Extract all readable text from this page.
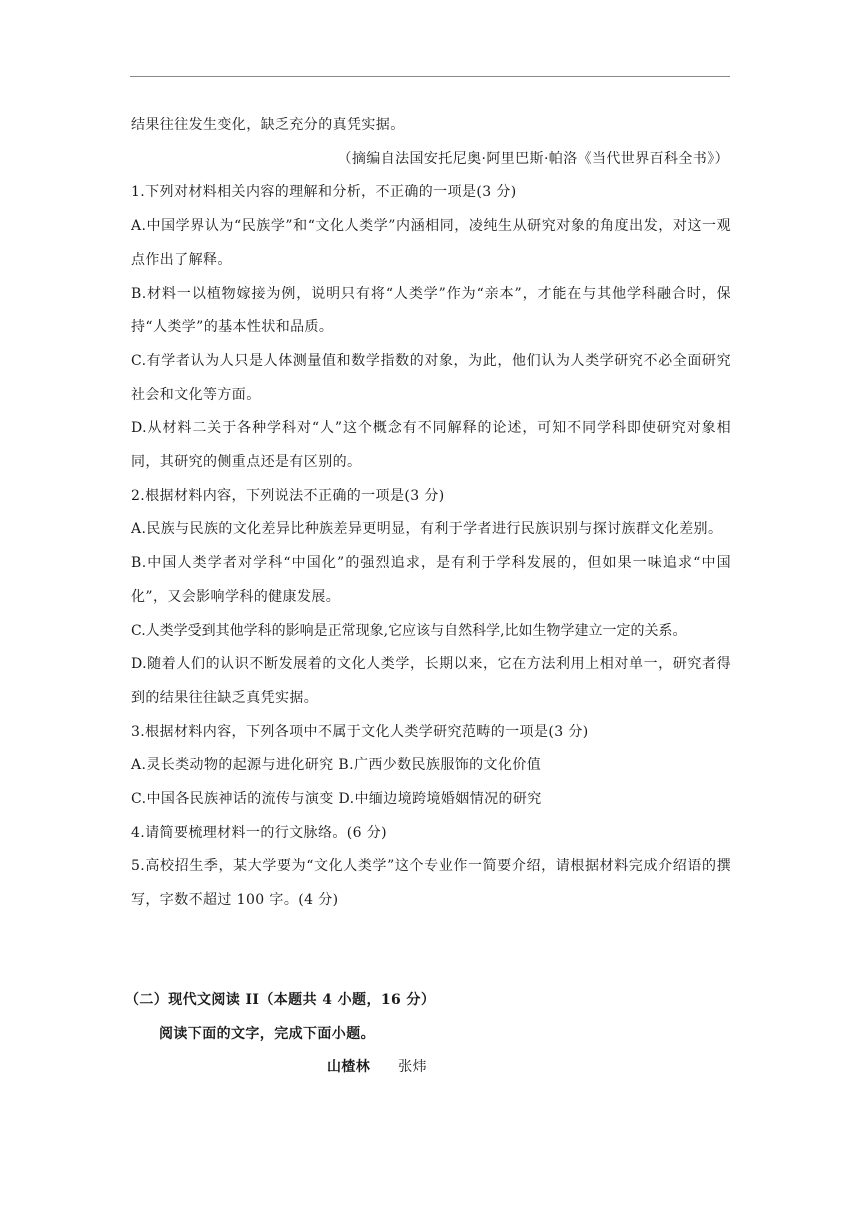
结果往往发生变化，缺乏充分的真凭实据。

（摘编自法国安托尼奥·阿里巴斯·帕洛《当代世界百科全书》）

1.下列对材料相关内容的理解和分析，不正确的一项是(3 分)

A.中国学界认为“民族学”和“文化人类学”内涵相同，凌纯生从研究对象的角度出发，对这一观点作出了解释。

B.材料一以植物嫁接为例，说明只有将“人类学”作为“亲本”，才能在与其他学科融合时，保持“人类学”的基本性状和品质。

C.有学者认为人只是人体测量值和数学指数的对象，为此，他们认为人类学研究不必全面研究社会和文化等方面。

D.从材料二关于各种学科对“人”这个概念有不同解释的论述，可知不同学科即使研究对象相同，其研究的侧重点还是有区别的。

2.根据材料内容，下列说法不正确的一项是(3 分)

A.民族与民族的文化差异比种族差异更明显，有利于学者进行民族识别与探讨族群文化差别。

B.中国人类学者对学科“中国化”的强烈追求，是有利于学科发展的，但如果一味追求“中国化”，又会影响学科的健康发展。

C.人类学受到其他学科的影响是正常现象,它应该与自然科学,比如生物学建立一定的关系。

D.随着人们的认识不断发展着的文化人类学，长期以来，它在方法利用上相对单一，研究者得到的结果往往缺乏真凭实据。

3.根据材料内容，下列各项中不属于文化人类学研究范畴的一项是(3 分)

A.灵长类动物的起源与进化研究 B.广西少数民族服饰的文化价值

C.中国各民族神话的流传与演变 D.中缅边境跨境婚姻情况的研究

4.请简要梳理材料一的行文脉络。(6 分)

5.高校招生季，某大学要为“文化人类学”这个专业作一简要介绍，请根据材料完成介绍语的撰写，字数不超过 100 字。(4 分)

（二）现代文阅读 II（本题共 4 小题，16 分）

阅读下面的文字，完成下面小题。

山楂林 张炜
